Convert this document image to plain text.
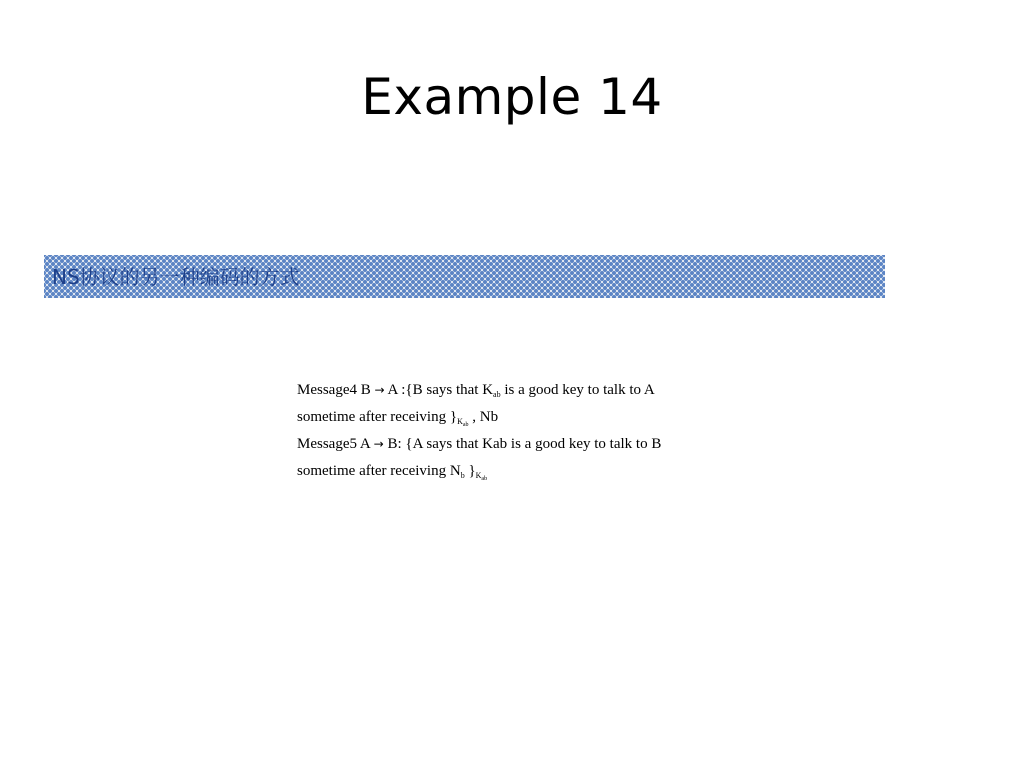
Example 14
NS协议的另一种编码的方式
Message4 B → A :{B says that $K_{ab}$ is a good key to talk to A
sometime after receiving }$_{K_{ab}}$ , Nb
Message5 A → B: {A says that Kab is a good key to talk to B
sometime after receiving $N_b$ }$_{K_{ab}}$
